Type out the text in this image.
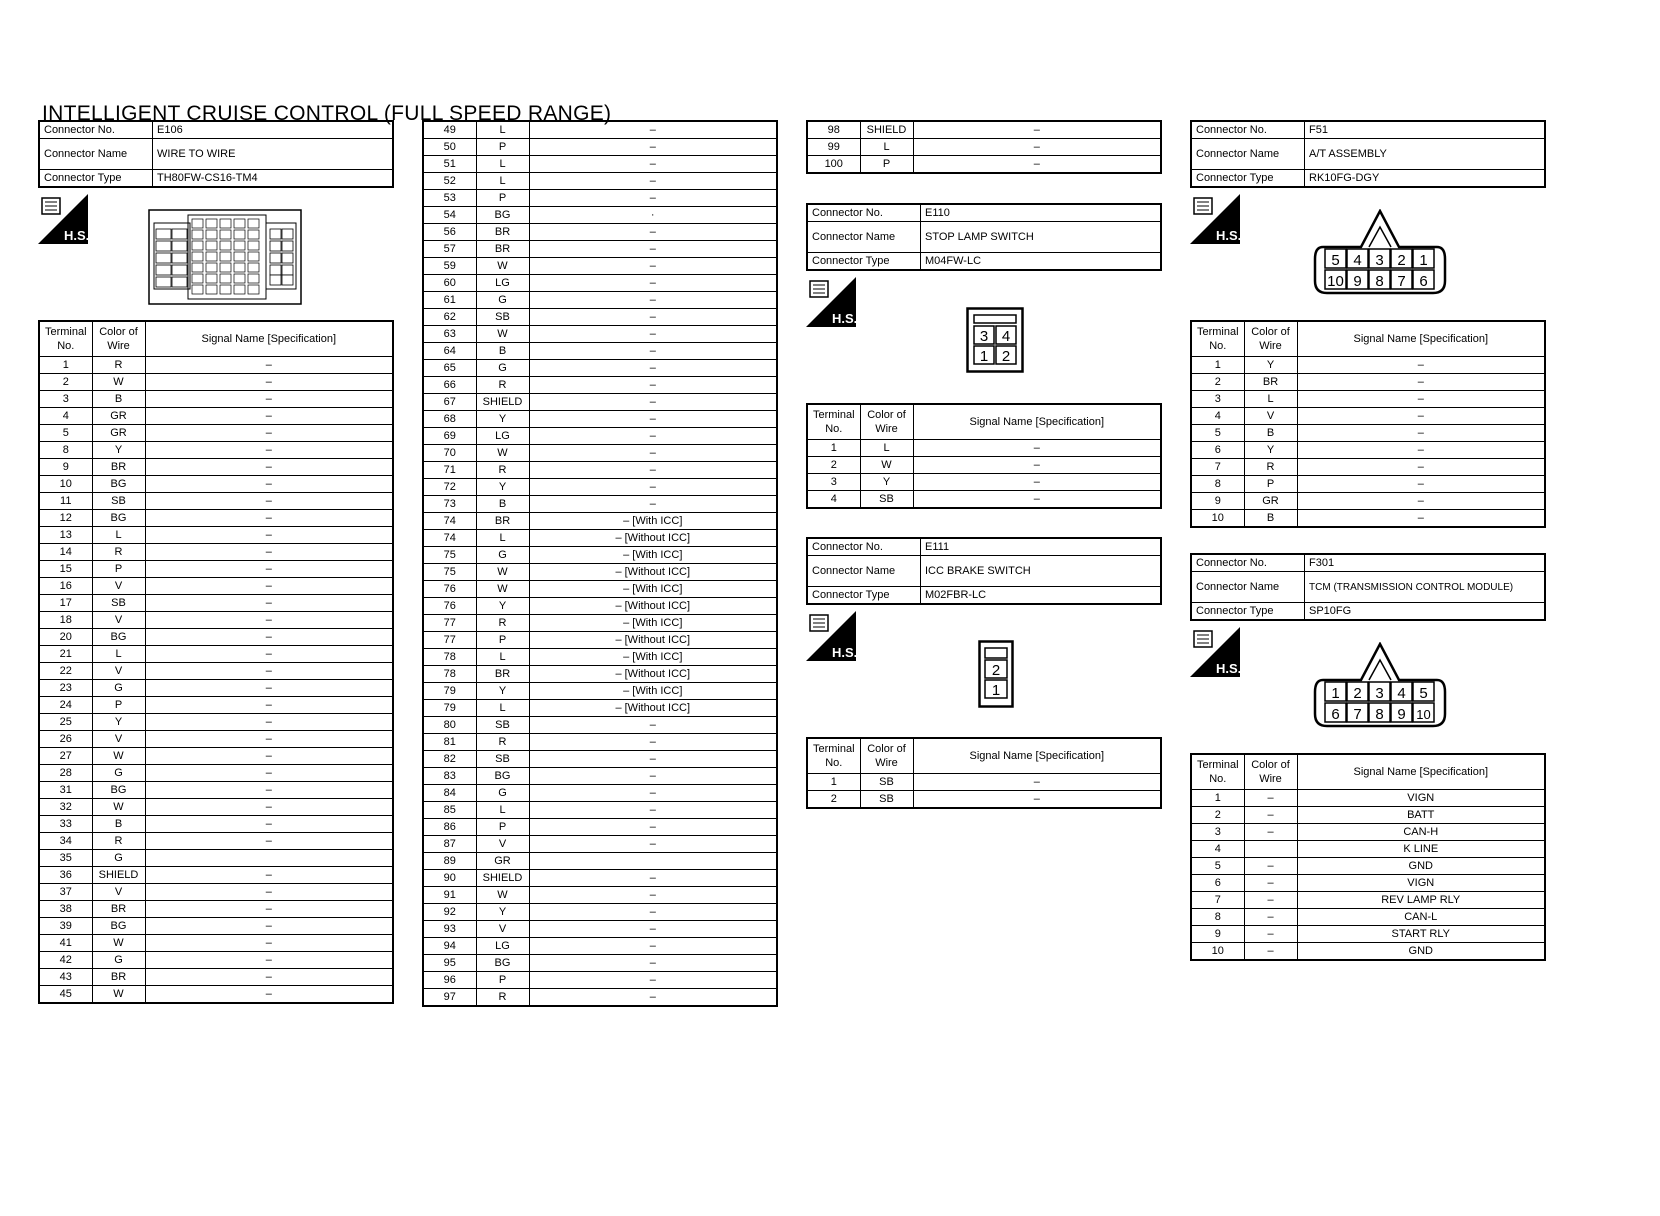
INTELLIGENT CRUISE CONTROL (FULL SPEED RANGE)
Connector No.	E106
Connector Name	WIRE TO WIRE
Connector Type	TH80FW-CS16-TM4
H.S.
Terminal No.	Color of Wire	Signal Name [Specification]
1	R	–
2	W	–
3	B	–
4	GR	–
5	GR	–
8	Y	–
9	BR	–
10	BG	–
11	SB	–
12	BG	–
13	L	–
14	R	–
15	P	–
16	V	–
17	SB	–
18	V	–
20	BG	–
21	L	–
22	V	–
23	G	–
24	P	–
25	Y	–
26	V	–
27	W	–
28	G	–
31	BG	–
32	W	–
33	B	–
34	R	–
35	G	
36	SHIELD	–
37	V	–
38	BR	–
39	BG	–
41	W	–
42	G	–
43	BR	–
45	W	–
49	L	–
50	P	–
51	L	–
52	L	–
53	P	–
54	BG	·
56	BR	–
57	BR	–
59	W	–
60	LG	–
61	G	–
62	SB	–
63	W	–
64	B	–
65	G	–
66	R	–
67	SHIELD	–
68	Y	–
69	LG	–
70	W	–
71	R	–
72	Y	–
73	B	–
74	BR	– [With ICC]
74	L	– [Without ICC]
75	G	– [With ICC]
75	W	– [Without ICC]
76	W	– [With ICC]
76	Y	– [Without ICC]
77	R	– [With ICC]
77	P	– [Without ICC]
78	L	– [With ICC]
78	BR	– [Without ICC]
79	Y	– [With ICC]
79	L	– [Without ICC]
80	SB	–
81	R	–
82	SB	–
83	BG	–
84	G	–
85	L	–
86	P	–
87	V	–
89	GR	
90	SHIELD	–
91	W	–
92	Y	–
93	V	–
94	LG	–
95	BG	–
96	P	–
97	R	–
98	SHIELD	–
99	L	–
100	P	–
Connector No.	E110
Connector Name	STOP LAMP SWITCH
Connector Type	M04FW-LC
H.S.
3 4
1 2
Terminal No.	Color of Wire	Signal Name [Specification]
1	L	–
2	W	–
3	Y	–
4	SB	–
Connector No.	E111
Connector Name	ICC BRAKE SWITCH
Connector Type	M02FBR-LC
H.S.
2
1
Terminal No.	Color of Wire	Signal Name [Specification]
1	SB	–
2	SB	–
Connector No.	F51
Connector Name	A/T ASSEMBLY
Connector Type	RK10FG-DGY
H.S.
5 4 3 2 1
10 9 8 7 6
Terminal No.	Color of Wire	Signal Name [Specification]
1	Y	–
2	BR	–
3	L	–
4	V	–
5	B	–
6	Y	–
7	R	–
8	P	–
9	GR	–
10	B	–
Connector No.	F301
Connector Name	TCM (TRANSMISSION CONTROL MODULE)
Connector Type	SP10FG
H.S.
1 2 3 4 5
6 7 8 9 10
Terminal No.	Color of Wire	Signal Name [Specification]
1	–	VIGN
2	–	BATT
3	–	CAN-H
4		K LINE
5	–	GND
6	–	VIGN
7	–	REV LAMP RLY
8	–	CAN-L
9	–	START RLY
10	–	GND
